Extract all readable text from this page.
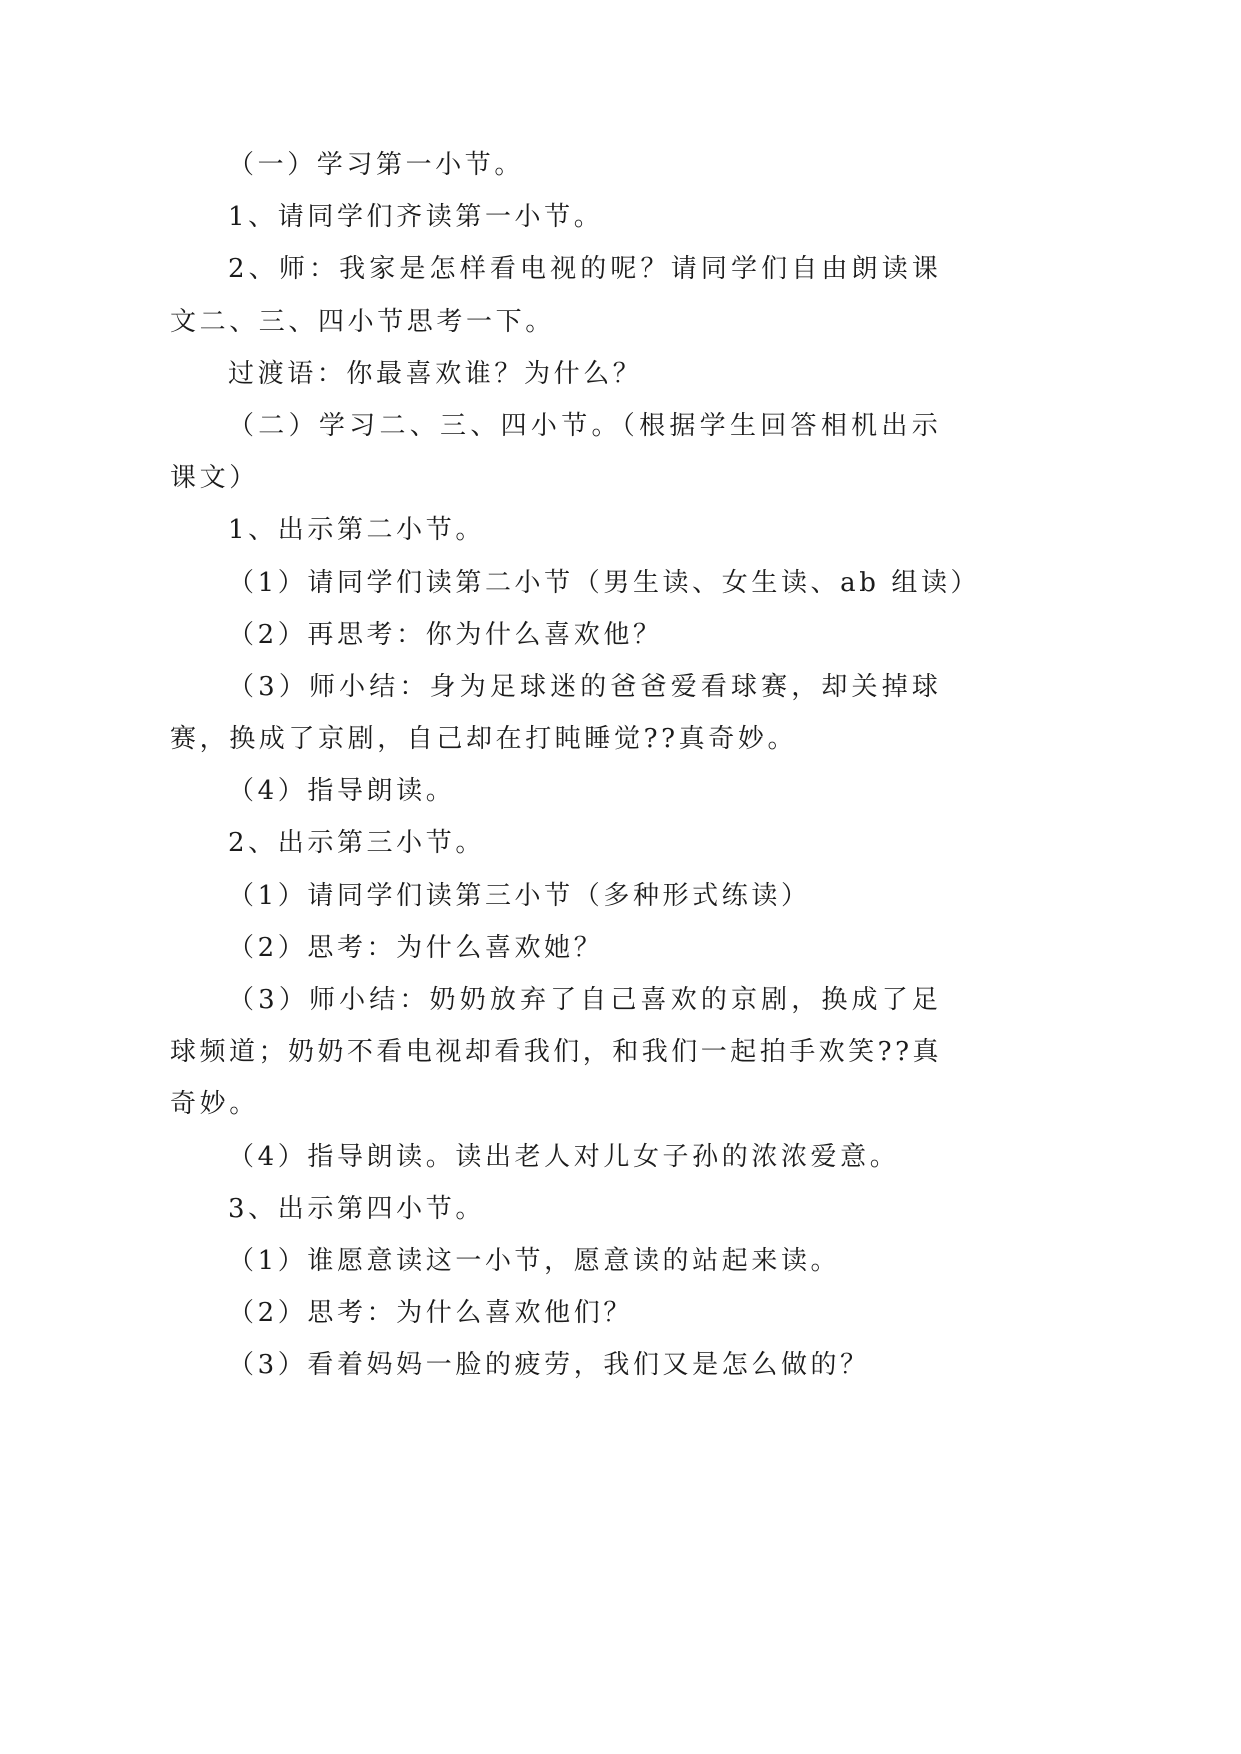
（一）学习第一小节。
1、请同学们齐读第一小节。
2、师：我家是怎样看电视的呢？请同学们自由朗读课
文二、三、四小节思考一下。
过渡语：你最喜欢谁？为什么？
（二）学习二、三、四小节。（根据学生回答相机出示
课文）
1、出示第二小节。
（1）请同学们读第二小节（男生读、女生读、ab 组读）
（2）再思考：你为什么喜欢他？
（3）师小结：身为足球迷的爸爸爱看球赛，却关掉球
赛，换成了京剧，自己却在打盹睡觉??真奇妙。
（4）指导朗读。
2、出示第三小节。
（1）请同学们读第三小节（多种形式练读）
（2）思考：为什么喜欢她？
（3）师小结：奶奶放弃了自己喜欢的京剧，换成了足
球频道；奶奶不看电视却看我们，和我们一起拍手欢笑??真
奇妙。
（4）指导朗读。读出老人对儿女子孙的浓浓爱意。
3、出示第四小节。
（1）谁愿意读这一小节，愿意读的站起来读。
（2）思考：为什么喜欢他们？
（3）看着妈妈一脸的疲劳，我们又是怎么做的？
